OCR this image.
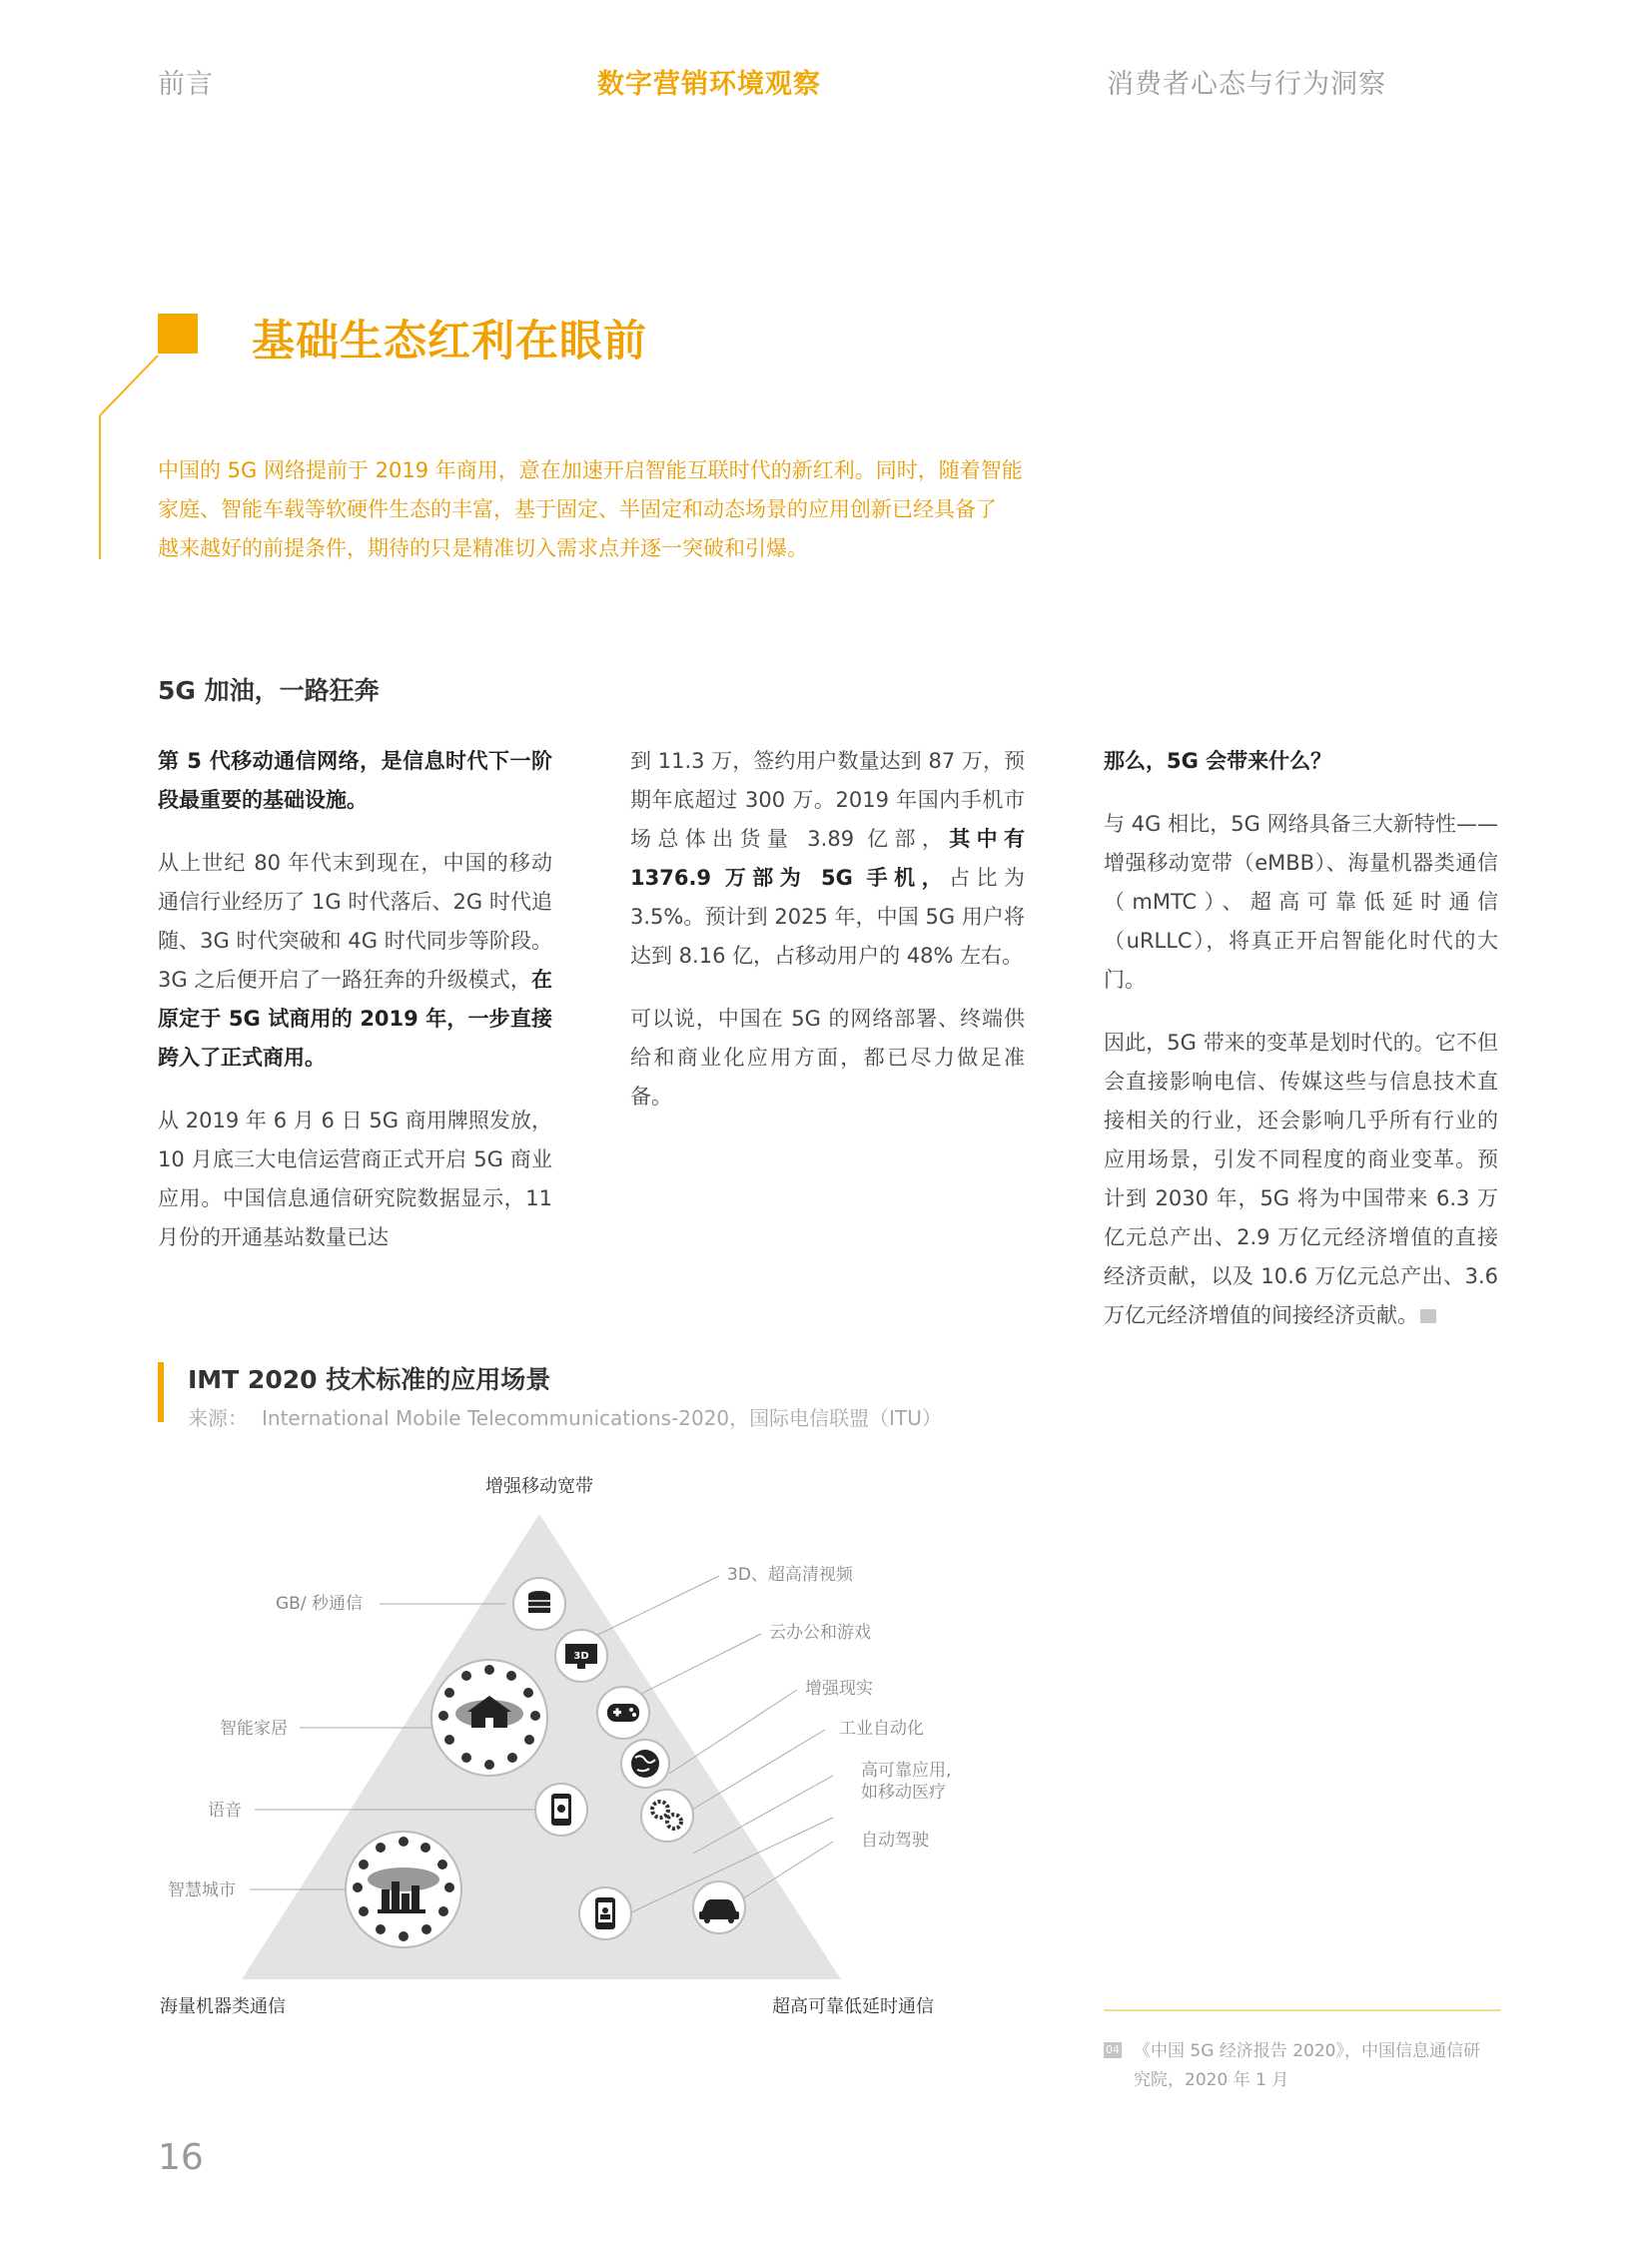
前言	数字营销环境观察	消费者心态与行为洞察
基础生态红利在眼前
中国的 5G 网络提前于 2019 年商用，意在加速开启智能互联时代的新红利。同时，随着智能
家庭、智能车载等软硬件生态的丰富，基于固定、半固定和动态场景的应用创新已经具备了
越来越好的前提条件，期待的只是精准切入需求点并逐一突破和引爆。
5G 加油，一路狂奔

第 5 代移动通信网络，是信息时代下一阶段最重要的基础设施。

从上世纪 80 年代末到现在，中国的移动通信行业经历了 1G 时代落后、2G 时代追随、3G 时代突破和 4G 时代同步等阶段。3G 之后便开启了一路狂奔的升级模式，在原定于 5G 试商用的 2019 年，一步直接跨入了正式商用。

从 2019 年 6 月 6 日 5G 商用牌照发放，10 月底三大电信运营商正式开启 5G 商业应用。中国信息通信研究院数据显示，11 月份的开通基站数量已达

到 11.3 万，签约用户数量达到 87 万，预期年底超过 300 万。2019 年国内手机市场总体出货量 3.89 亿部，其中有 1376.9 万部为 5G 手机，占比为 3.5%。预计到 2025 年，中国 5G 用户将达到 8.16 亿，占移动用户的 48% 左右。

可以说，中国在 5G 的网络部署、终端供给和商业化应用方面，都已尽力做足准备。

那么，5G 会带来什么？

与 4G 相比，5G 网络具备三大新特性——增强移动宽带（eMBB）、海量机器类通信（mMTC）、超高可靠低延时通信（uRLLC），将真正开启智能化时代的大门。

因此，5G 带来的变革是划时代的。它不但会直接影响电信、传媒这些与信息技术直接相关的行业，还会影响几乎所有行业的应用场景，引发不同程度的商业变革。预计到 2030 年，5G 将为中国带来 6.3 万亿元总产出、2.9 万亿元经济增值的直接经济贡献，以及 10.6 万亿元总产出、3.6 万亿元经济增值的间接经济贡献。

IMT 2020 技术标准的应用场景
来源： International Mobile Telecommunications-2020，国际电信联盟（ITU）
增强移动宽带
海量机器类通信	超高可靠低延时通信
GB/ 秒通信
智能家居
语音
智慧城市
3D、超高清视频
云办公和游戏
增强现实
工业自动化
高可靠应用,
如移动医疗
自动驾驶
3D
04 《中国 5G 经济报告 2020》，中国信息通信研
究院，2020 年 1 月
16
